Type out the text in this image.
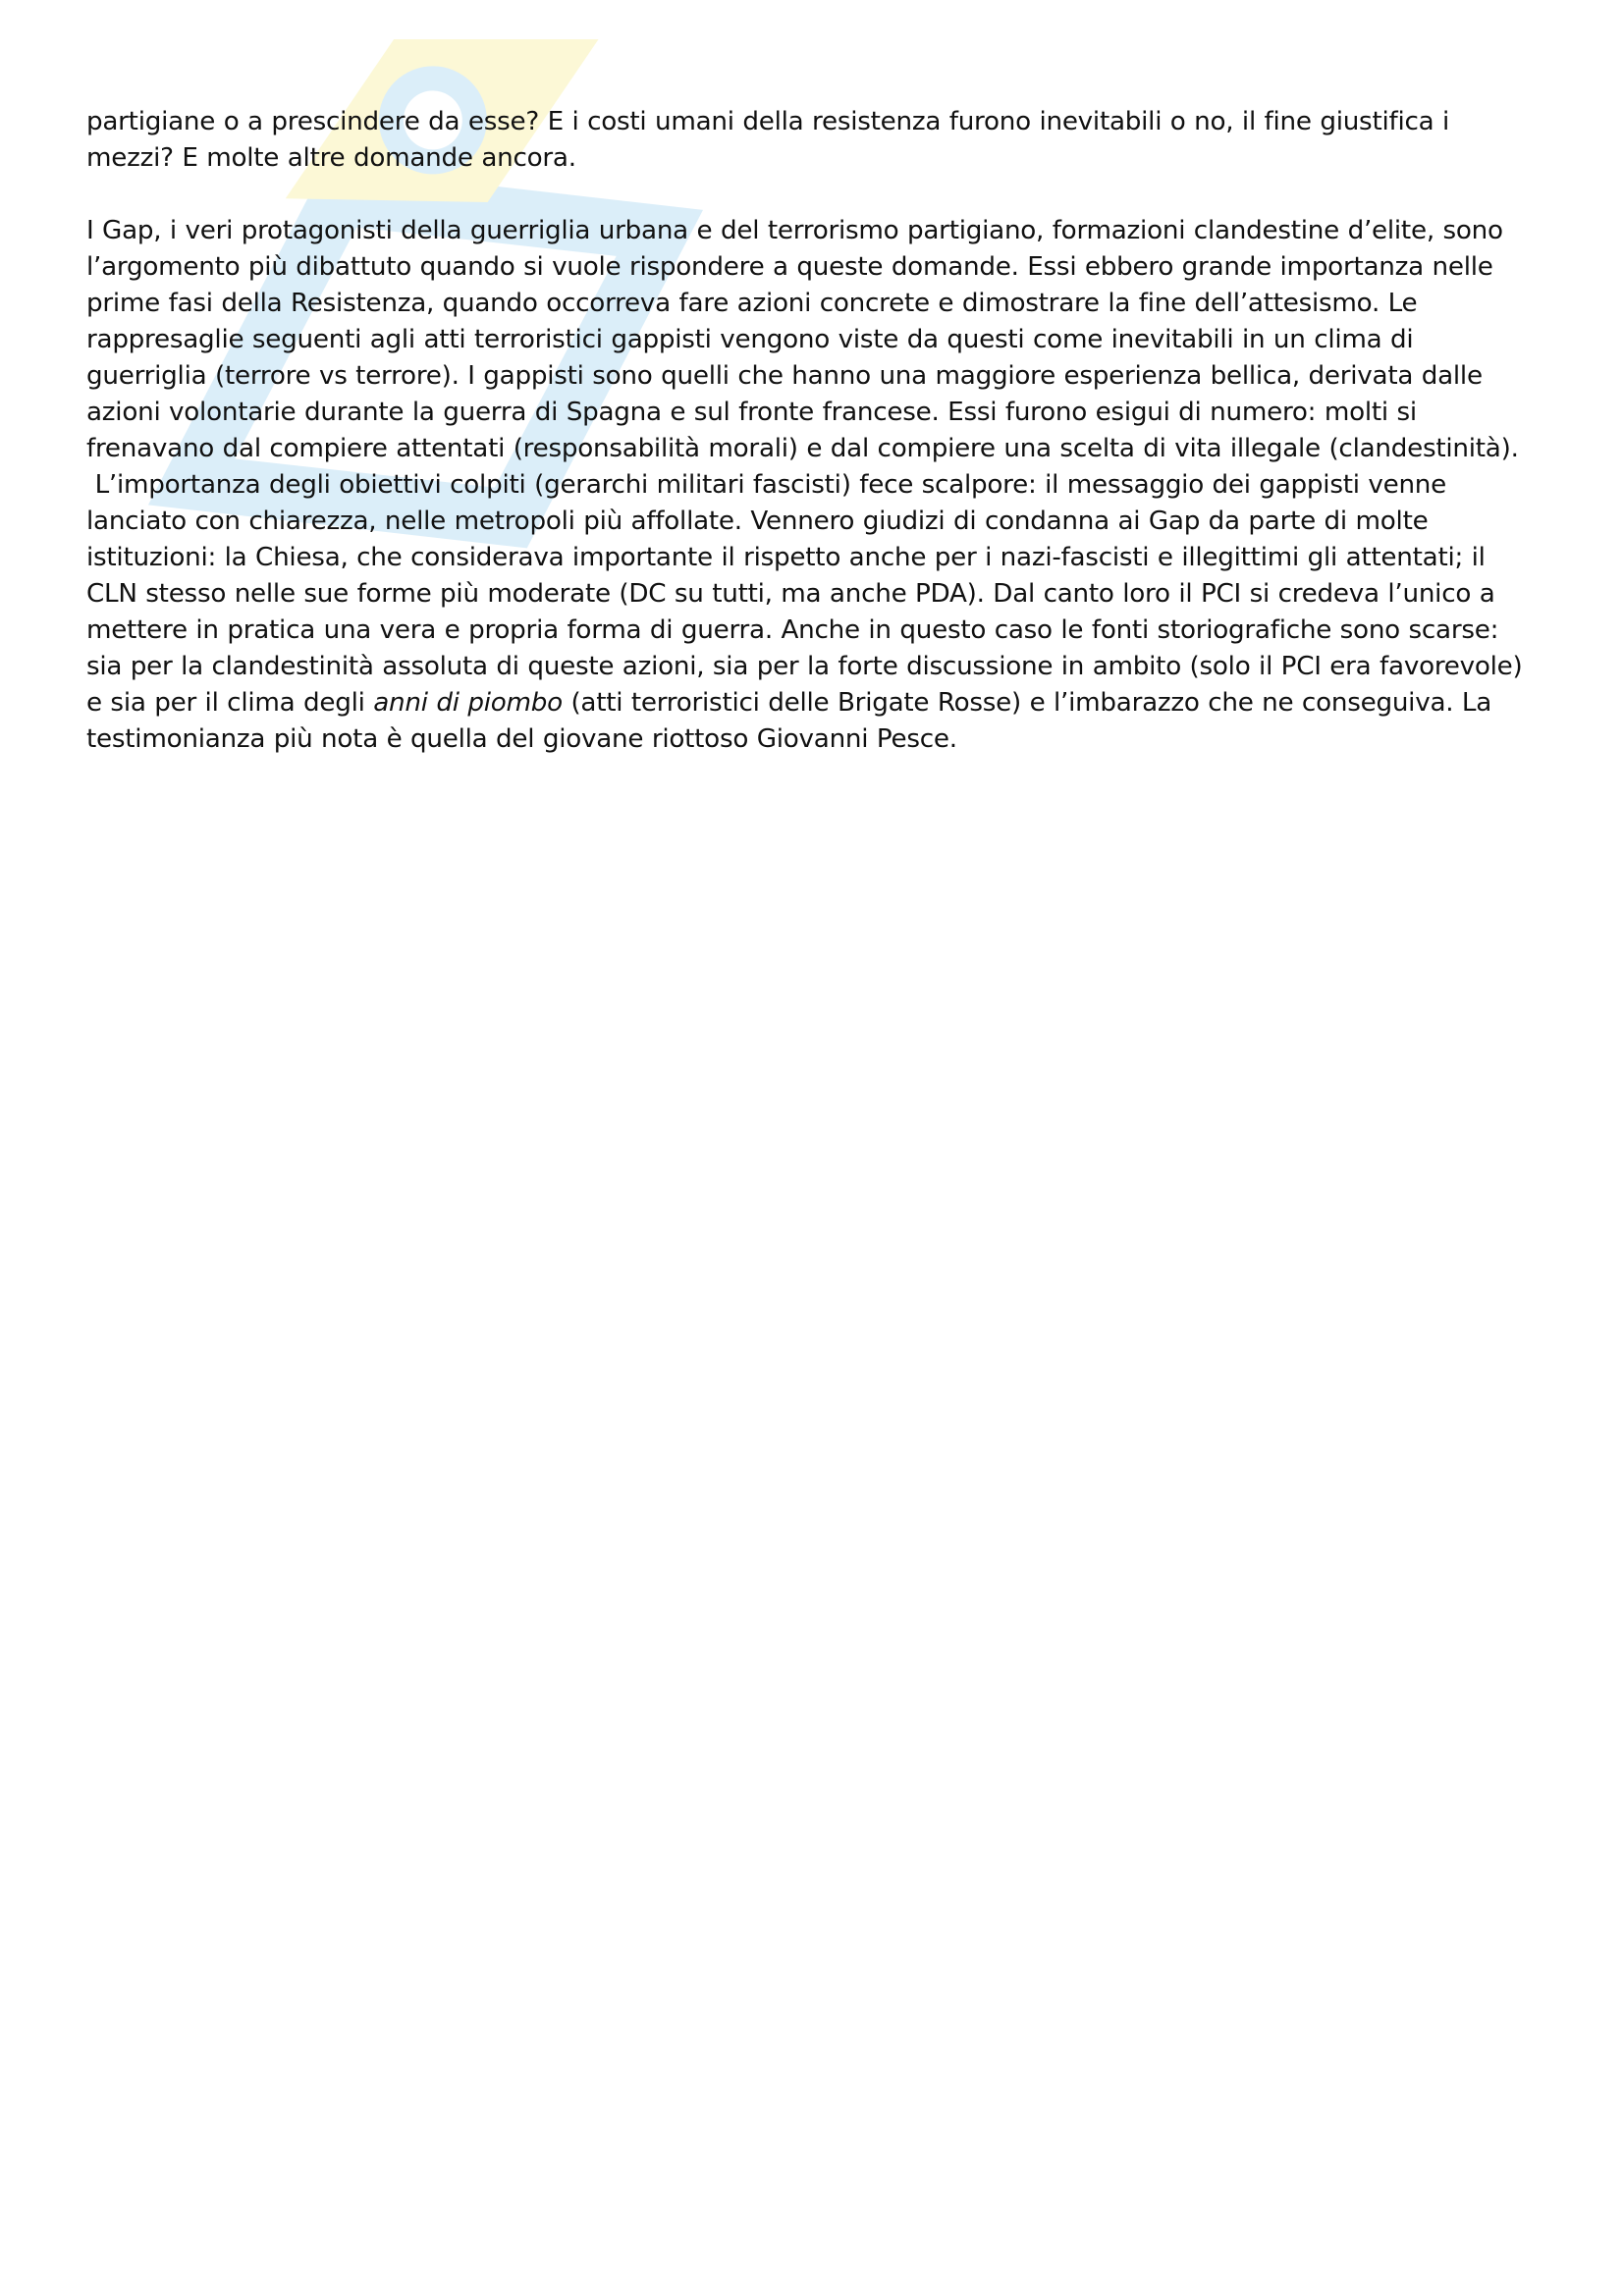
partigiane o a prescindere da esse? E i costi umani della resistenza furono inevitabili o no, il fine giustifica i
mezzi? E molte altre domande ancora.
I Gap, i veri protagonisti della guerriglia urbana e del terrorismo partigiano, formazioni clandestine d’elite, sono
l’argomento più dibattuto quando si vuole rispondere a queste domande. Essi ebbero grande importanza nelle
prime fasi della Resistenza, quando occorreva fare azioni concrete e dimostrare la fine dell’attesismo. Le
rappresaglie seguenti agli atti terroristici gappisti vengono viste da questi come inevitabili in un clima di
guerriglia (terrore vs terrore). I gappisti sono quelli che hanno una maggiore esperienza bellica, derivata dalle
azioni volontarie durante la guerra di Spagna e sul fronte francese. Essi furono esigui di numero: molti si
frenavano dal compiere attentati (responsabilità morali) e dal compiere una scelta di vita illegale (clandestinità).
L’importanza degli obiettivi colpiti (gerarchi militari fascisti) fece scalpore: il messaggio dei gappisti venne
lanciato con chiarezza, nelle metropoli più affollate. Vennero giudizi di condanna ai Gap da parte di molte
istituzioni: la Chiesa, che considerava importante il rispetto anche per i nazi-fascisti e illegittimi gli attentati; il
CLN stesso nelle sue forme più moderate (DC su tutti, ma anche PDA). Dal canto loro il PCI si credeva l’unico a
mettere in pratica una vera e propria forma di guerra. Anche in questo caso le fonti storiografiche sono scarse:
sia per la clandestinità assoluta di queste azioni, sia per la forte discussione in ambito (solo il PCI era favorevole)
e sia per il clima degli anni di piombo (atti terroristici delle Brigate Rosse) e l’imbarazzo che ne conseguiva. La
testimonianza più nota è quella del giovane riottoso Giovanni Pesce.
